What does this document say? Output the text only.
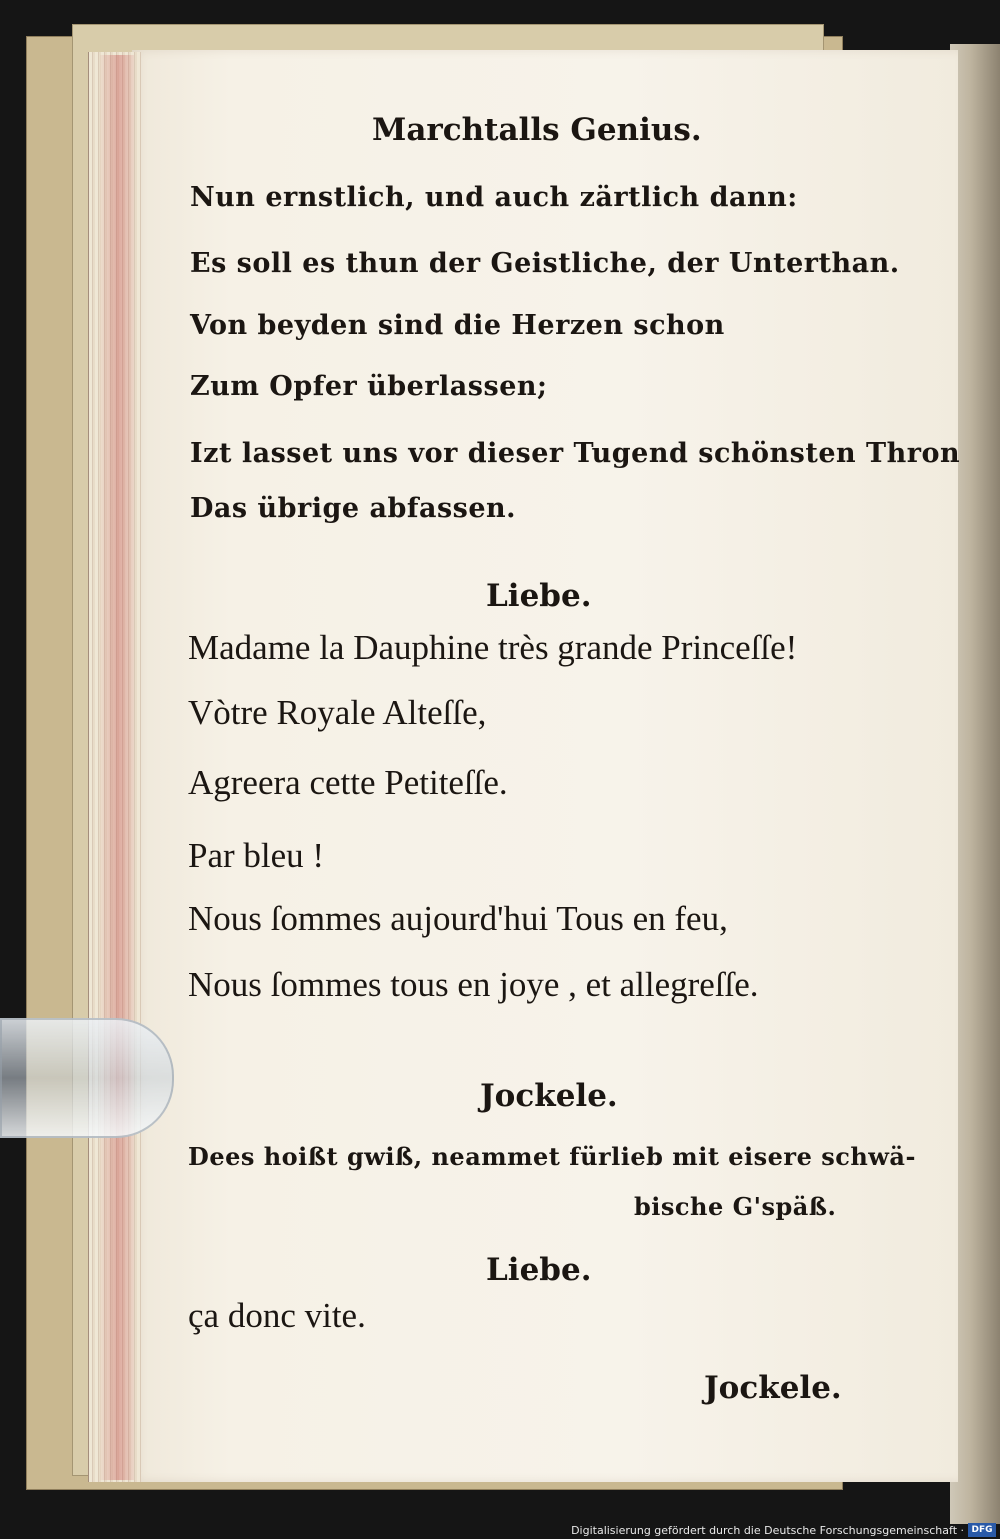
Marchtalls Genius.
Nun ernstlich, und auch zärtlich dann:
Es soll es thun der Geistliche, der Unterthan.
Von beyden sind die Herzen schon
Zum Opfer überlassen;
Izt lasset uns vor dieser Tugend schönsten Thron
Das übrige abfassen.
Liebe.
Madame la Dauphine très grande Princeſſe!
Vòtre Royale Alteſſe,
Agreera cette Petiteſſe.
Par bleu !
Nous ſommes aujourd'hui Tous en feu,
Nous ſommes tous en joye , et allegreſſe.
Jockele.
Dees hoißt gwiß, neammet fürlieb mit eisere schwä-
bische G'späß.
Liebe.
ça donc vite.
Jockele.
Digitalisierung gefördert durch die Deutsche Forschungsgemeinschaft · DFG
